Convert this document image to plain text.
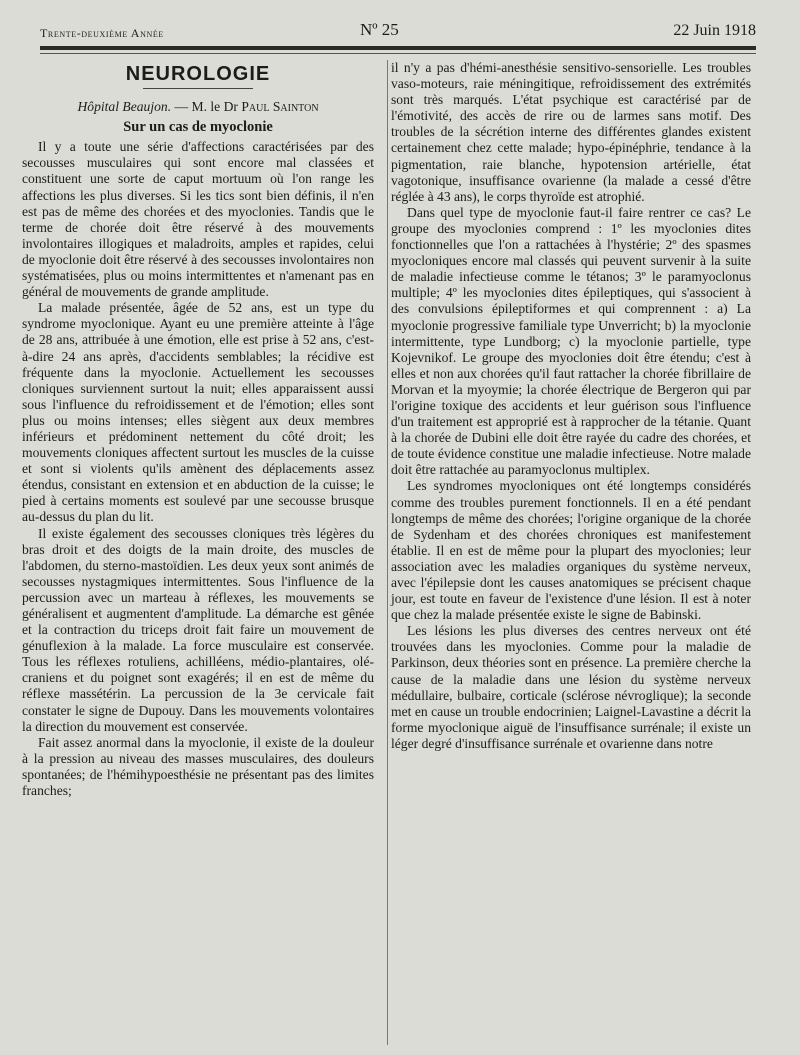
Trente-deuxième Année	Nº 25	22 Juin 1918
NEUROLOGIE
Hôpital Beaujon. — M. le Dr Paul Sainton
Sur un cas de myoclonie

Il y a toute une série d'affections caractérisées par des secousses musculaires qui sont encore mal classées et constituent une sorte de caput mortuum où l'on range les affections les plus diverses. Si les tics sont bien définis, il n'en est pas de même des chorées et des myoclonies. Tandis que le terme de chorée doit être réservé à des mouvements involontaires illogiques et maladroits, amples et rapides, celui de myoclonie doit être réservé à des secousses involontaires non systématisées, plus ou moins intermittentes et n'amenant pas en général de mouvements de grande amplitude.

La malade présentée, âgée de 52 ans, est un type du syndrome myoclonique. Ayant eu une première atteinte à l'âge de 28 ans, attribuée à une émotion, elle est prise à 52 ans, c'est-à-dire 24 ans après, d'accidents semblables; la récidive est fréquente dans la myoclonie. Actuellement les secousses cloniques surviennent surtout la nuit; elles apparaissent aussi sous l'influence du refroidissement et de l'émotion; elles sont plus ou moins intenses; elles siègent aux deux membres inférieurs et prédominent nettement du côté droit; les mouvements cloniques affectent surtout les muscles de la cuisse et sont si violents qu'ils amènent des déplacements assez étendus, consistant en extension et en abduction de la cuisse; le pied à certains moments est soulevé par une secousse brusque au-dessus du plan du lit.

Il existe également des secousses cloniques très légères du bras droit et des doigts de la main droite, des muscles de l'abdomen, du sterno-mastoïdien. Les deux yeux sont animés de secousses nystagmiques intermittentes. Sous l'influence de la percussion avec un marteau à réflexes, les mouvements se généralisent et augmentent d'amplitude. La démarche est gênée et la contraction du triceps droit fait faire un mouvement de génuflexion à la malade. La force musculaire est conservée. Tous les réflexes rotuliens, achilléens, médio-plantaires, olé-craniens et du poignet sont exagérés; il en est de même du réflexe massétérin. La percussion de la 3e cervicale fait constater le signe de Dupouy. Dans les mouvements volontaires la direction du mouvement est conservée.

Fait assez anormal dans la myoclonie, il existe de la douleur à la pression au niveau des masses musculaires, des douleurs spontanées; de l'hémihypoesthésie ne présentant pas des limites franches;

il n'y a pas d'hémi-anesthésie sensitivo-sensorielle. Les troubles vaso-moteurs, raie méningitique, refroidissement des extrémités sont très marqués. L'état psychique est caractérisé par de l'émotivité, des accès de rire ou de larmes sans motif. Des troubles de la sécrétion interne des différentes glandes existent certainement chez cette malade; hypo-épinéphrie, tendance à la pigmentation, raie blanche, hypotension artérielle, état vagotonique, insuffisance ovarienne (la malade a cessé d'être réglée à 43 ans), le corps thyroïde est atrophié.

Dans quel type de myoclonie faut-il faire rentrer ce cas? Le groupe des myoclonies comprend : 1º les myoclonies dites fonctionnelles que l'on a rattachées à l'hystérie; 2º des spasmes myocloniques encore mal classés qui peuvent survenir à la suite de maladie infectieuse comme le tétanos; 3º le paramyoclonus multiple; 4º les myoclonies dites épileptiques, qui s'associent à des convulsions épileptiformes et qui comprennent : a) La myoclonie progressive familiale type Unverricht; b) la myoclonie intermittente, type Lundborg; c) la myoclonie partielle, type Kojevnikof. Le groupe des myoclonies doit être étendu; c'est à elles et non aux chorées qu'il faut rattacher la chorée fibrillaire de Morvan et la myoymie; la chorée électrique de Bergeron qui par l'origine toxique des accidents et leur guérison sous l'influence d'un traitement est approprié est à rapprocher de la tétanie. Quant à la chorée de Dubini elle doit être rayée du cadre des chorées, et de toute évidence constitue une maladie infectieuse. Notre malade doit être rattachée au paramyoclonus multiplex.

Les syndromes myocloniques ont été longtemps considérés comme des troubles purement fonctionnels. Il en a été pendant longtemps de même des chorées; l'origine organique de la chorée de Sydenham et des chorées chroniques est manifestement établie. Il en est de même pour la plupart des myoclonies; leur association avec les maladies organiques du système nerveux, avec l'épilepsie dont les causes anatomiques se précisent chaque jour, est toute en faveur de l'existence d'une lésion. Il est à noter que chez la malade présentée existe le signe de Babinski.

Les lésions les plus diverses des centres nerveux ont été trouvées dans les myoclonies. Comme pour la maladie de Parkinson, deux théories sont en présence. La première cherche la cause de la maladie dans une lésion du système nerveux médullaire, bulbaire, corticale (sclérose névroglique); la seconde met en cause un trouble endocrinien; Laignel-Lavastine a décrit la forme myoclonique aiguë de l'insuffisance surrénale; il existe un léger degré d'insuffisance surrénale et ovarienne dans notre
